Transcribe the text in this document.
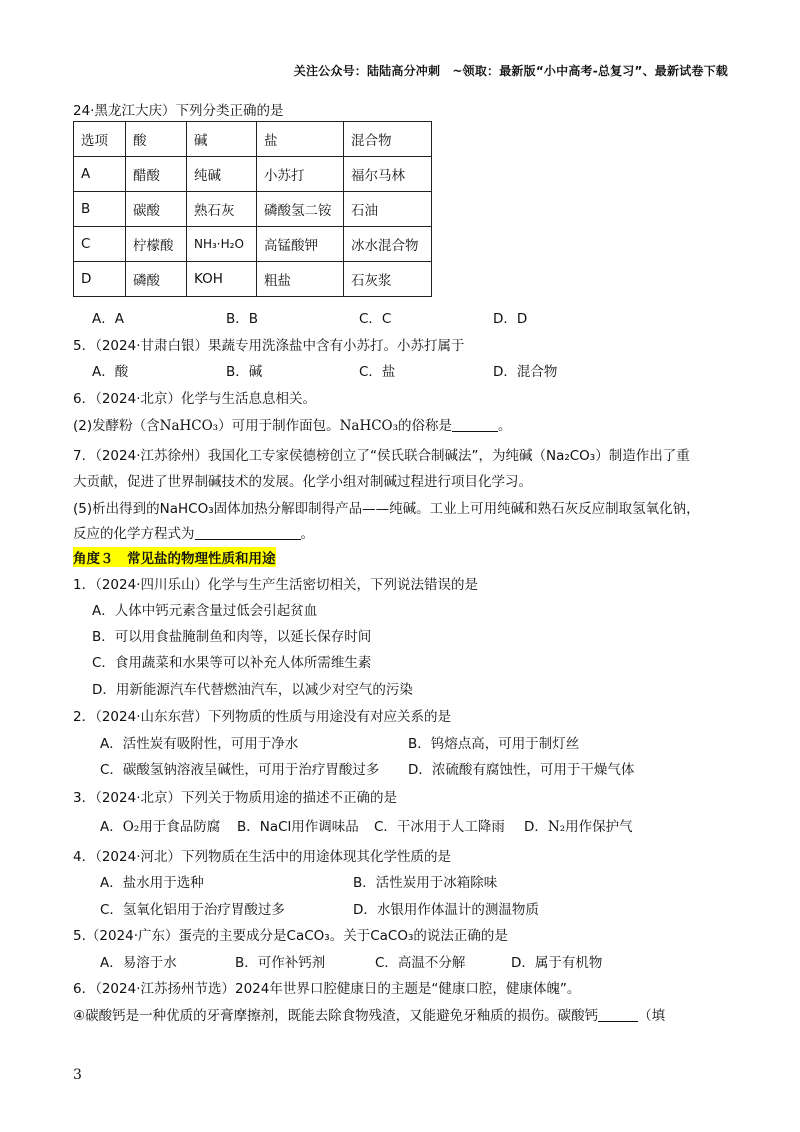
关注公众号：陆陆高分冲刺　~领取：最新版“小中高考-总复习”、最新试卷下载
24·黑龙江大庆）下列分类正确的是
选项	酸	碱	盐	混合物
A	醋酸	纯碱	小苏打	福尔马林
B	碳酸	熟石灰	磷酸氢二铵	石油
C	柠檬酸	NH₃·H₂O	高锰酸钾	冰水混合物
D	磷酸	KOH	粗盐	石灰浆
A．A	B．B	C．C	D．D
5．（2024·甘肃白银）果蔬专用洗涤盐中含有小苏打。小苏打属于
A．酸	B．碱	C．盐	D．混合物
6．（2024·北京）化学与生活息息相关。
(2)发酵粉（含NaHCO₃）可用于制作面包。NaHCO₃的俗称是	。
7．（2024·江苏徐州）我国化工专家侯德榜创立了“侯氏联合制碱法”，为纯碱（Na₂CO₃）制造作出了重
大贡献，促进了世界制碱技术的发展。化学小组对制碱过程进行项目化学习。
(5)析出得到的NaHCO₃固体加热分解即制得产品——纯碱。工业上可用纯碱和熟石灰反应制取氢氧化钠，
反应的化学方程式为	。
角度３　常见盐的物理性质和用途
1．（2024·四川乐山）化学与生产生活密切相关，下列说法错误的是
A．人体中钙元素含量过低会引起贫血
B．可以用食盐腌制鱼和肉等，以延长保存时间
C．食用蔬菜和水果等可以补充人体所需维生素
D．用新能源汽车代替燃油汽车，以减少对空气的污染
2．（2024·山东东营）下列物质的性质与用途没有对应关系的是
A．活性炭有吸附性，可用于净水	B．钨熔点高，可用于制灯丝
C．碳酸氢钠溶液呈碱性，可用于治疗胃酸过多 D．浓硫酸有腐蚀性，可用于干燥气体
3．（2024·北京）下列关于物质用途的描述不正确的是
A．O₂用于食品防腐 B．NaCl用作调味品 C．干冰用于人工降雨 D．N₂用作保护气
4．（2024·河北）下列物质在生活中的用途体现其化学性质的是
A．盐水用于选种	B．活性炭用于冰箱除味
C．氢氧化铝用于治疗胃酸过多	D．水银用作体温计的测温物质
5.（2024·广东）蛋壳的主要成分是CaCO₃。关于CaCO₃的说法正确的是
A．易溶于水	B．可作补钙剂	C．高温不分解	D．属于有机物
6．（2024·江苏扬州节选）2024年世界口腔健康日的主题是“健康口腔，健康体魄”。
④碳酸钙是一种优质的牙膏摩擦剂，既能去除食物残渣，又能避免牙釉质的损伤。碳酸钙	（填
3
